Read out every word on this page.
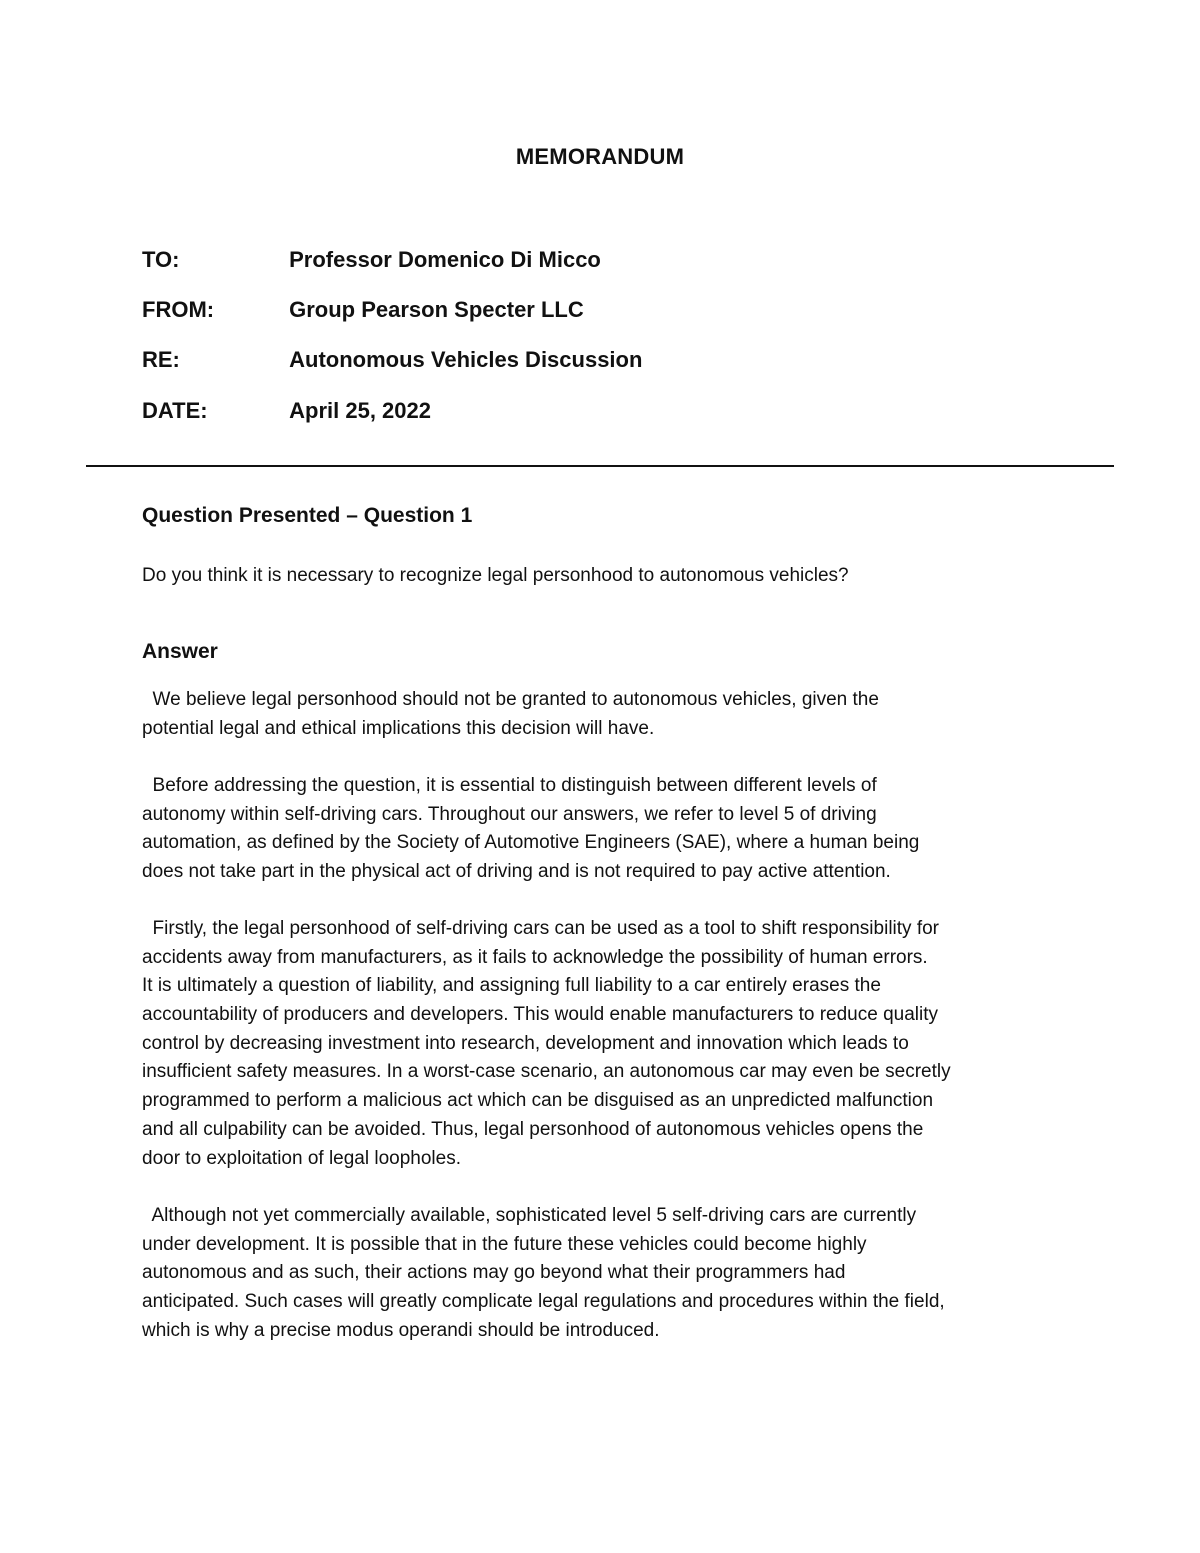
MEMORANDUM
TO:	Professor Domenico Di Micco
FROM:	Group Pearson Specter LLC
RE:	Autonomous Vehicles Discussion
DATE:	April 25, 2022
Question Presented – Question 1
Do you think it is necessary to recognize legal personhood to autonomous vehicles?
Answer
We believe legal personhood should not be granted to autonomous vehicles, given the
potential legal and ethical implications this decision will have.
Before addressing the question, it is essential to distinguish between different levels of
autonomy within self-driving cars. Throughout our answers, we refer to level 5 of driving
automation, as defined by the Society of Automotive Engineers (SAE), where a human being
does not take part in the physical act of driving and is not required to pay active attention.
Firstly, the legal personhood of self-driving cars can be used as a tool to shift responsibility for
accidents away from manufacturers, as it fails to acknowledge the possibility of human errors.
It is ultimately a question of liability, and assigning full liability to a car entirely erases the
accountability of producers and developers. This would enable manufacturers to reduce quality
control by decreasing investment into research, development and innovation which leads to
insufficient safety measures. In a worst-case scenario, an autonomous car may even be secretly
programmed to perform a malicious act which can be disguised as an unpredicted malfunction
and all culpability can be avoided. Thus, legal personhood of autonomous vehicles opens the
door to exploitation of legal loopholes.
Although not yet commercially available, sophisticated level 5 self-driving cars are currently
under development. It is possible that in the future these vehicles could become highly
autonomous and as such, their actions may go beyond what their programmers had
anticipated. Such cases will greatly complicate legal regulations and procedures within the field,
which is why a precise modus operandi should be introduced.
